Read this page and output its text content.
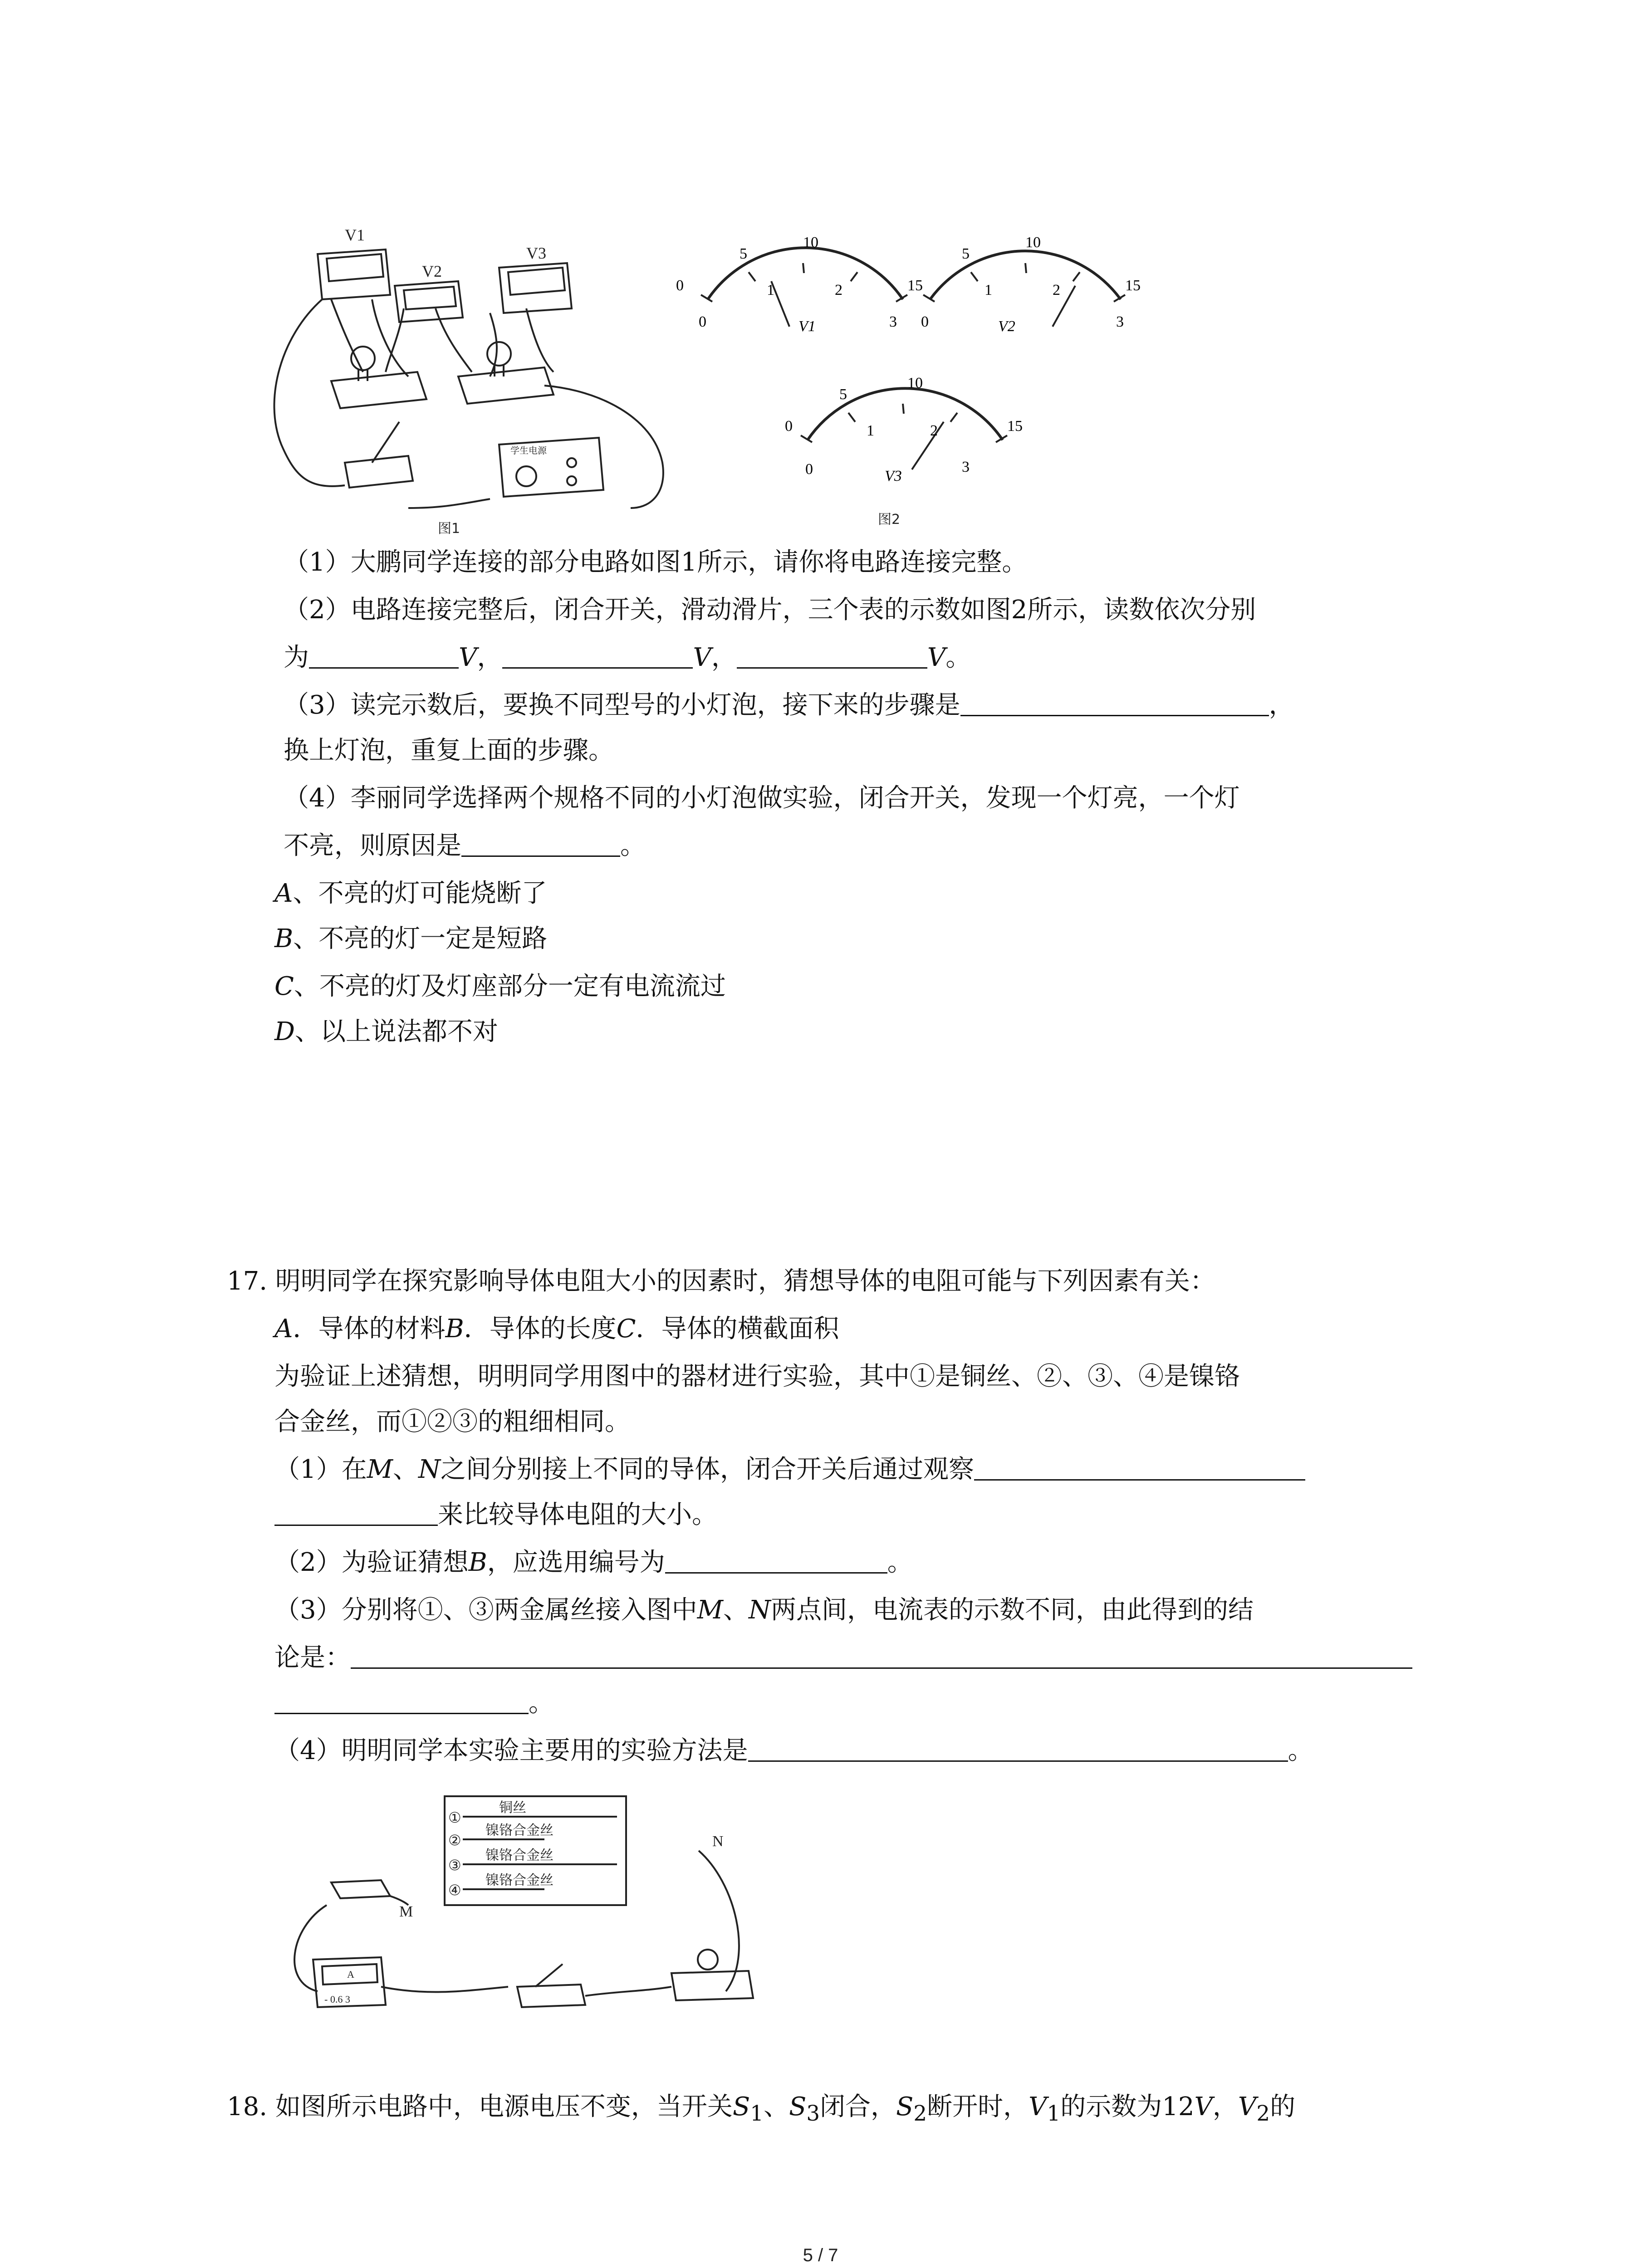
V1
V2
V3
学生电源
图1
0
5
10
15
0
1	2
3
V1
5
10
15
0
1	2
3
V2
0
5
10
15
0
1	2
3
V3
图2
（1）大鹏同学连接的部分电路如图1所示，请你将电路连接完整。
（2）电路连接完整后，闭合开关，滑动滑片，三个表的示数如图2所示，读数依次分别
为	V，	V，	V。
（3）读完示数后，要换不同型号的小灯泡，接下来的步骤是	，
换上灯泡，重复上面的步骤。
（4）李丽同学选择两个规格不同的小灯泡做实验，闭合开关，发现一个灯亮，一个灯
不亮，则原因是	。
A、不亮的灯可能烧断了
B、不亮的灯一定是短路
C、不亮的灯及灯座部分一定有电流流过
D、以上说法都不对
17. 明明同学在探究影响导体电阻大小的因素时，猜想导体的电阻可能与下列因素有关：
A．导体的材料B．导体的长度C．导体的横截面积
为验证上述猜想，明明同学用图中的器材进行实验，其中①是铜丝、②、③、④是镍铬
合金丝，而①②③的粗细相同。
（1）在M、N之间分别接上不同的导体，闭合开关后通过观察
来比较导体电阻的大小。
（2）为验证猜想B，应选用编号为	。
（3）分别将①、③两金属丝接入图中M、N两点间，电流表的示数不同，由此得到的结
论是：
。
（4）明明同学本实验主要用的实验方法是	。
①
②
③
④
铜丝
镍铬合金丝
镍铬合金丝
镍铬合金丝
M
N
A
- 0.6 3
18. 如图所示电路中，电源电压不变，当开关$S_1$、$S_3$闭合，$S_2$断开时，$V_1$的示数为12V，$V_2$的
5 / 7
